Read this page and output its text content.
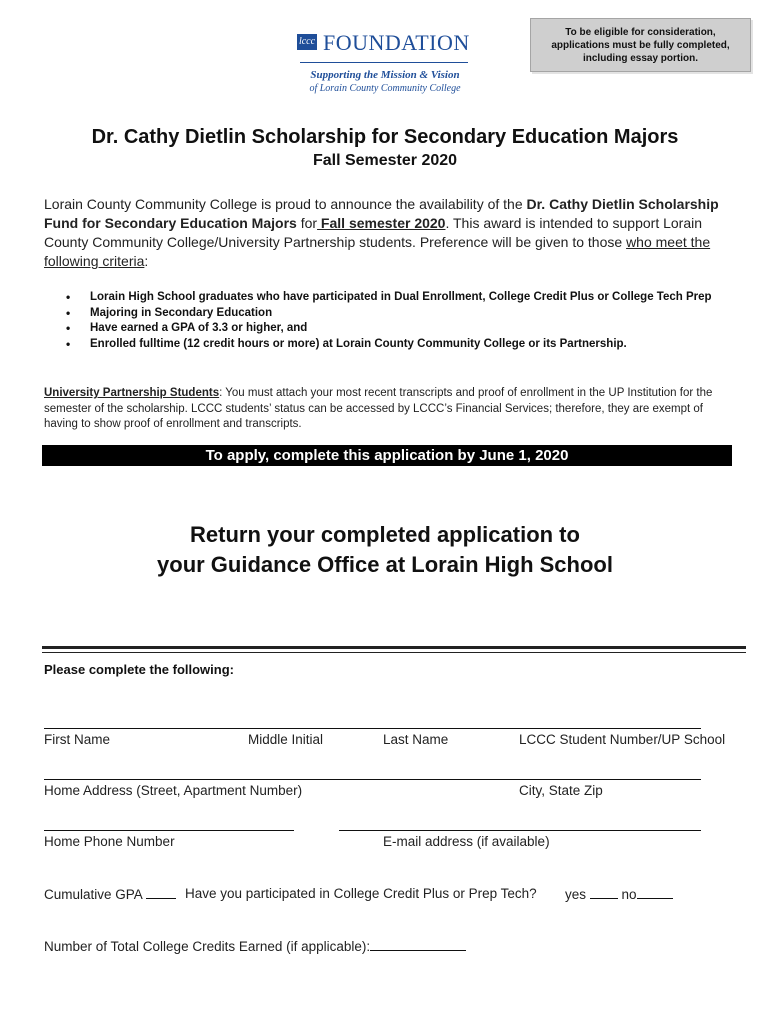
lccc FOUNDATION
Supporting the Mission & Vision
of Lorain County Community College
To be eligible for consideration,
applications must be fully completed,
including essay portion.
Dr. Cathy Dietlin Scholarship for Secondary Education Majors
Fall Semester 2020
Lorain County Community College is proud to announce the availability of the Dr. Cathy Dietlin Scholarship Fund for Secondary Education Majors for Fall semester 2020. This award is intended to support Lorain County Community College/University Partnership students. Preference will be given to those who meet the following criteria:
• Lorain High School graduates who have participated in Dual Enrollment, College Credit Plus or College Tech Prep
• Majoring in Secondary Education
• Have earned a GPA of 3.3 or higher, and
• Enrolled fulltime (12 credit hours or more) at Lorain County Community College or its Partnership.
University Partnership Students: You must attach your most recent transcripts and proof of enrollment in the UP Institution for the semester of the scholarship. LCCC students’ status can be accessed by LCCC’s Financial Services; therefore, they are exempt of having to show proof of enrollment and transcripts.
To apply, complete this application by June 1, 2020
Return your completed application to
your Guidance Office at Lorain High School
Please complete the following:
First Name	Middle Initial	Last Name	LCCC Student Number/UP School
Home Address (Street, Apartment Number)	City, State Zip
Home Phone Number	E-mail address (if available)
Cumulative GPA	Have you participated in College Credit Plus or Prep Tech? yes	no
Number of Total College Credits Earned (if applicable):
